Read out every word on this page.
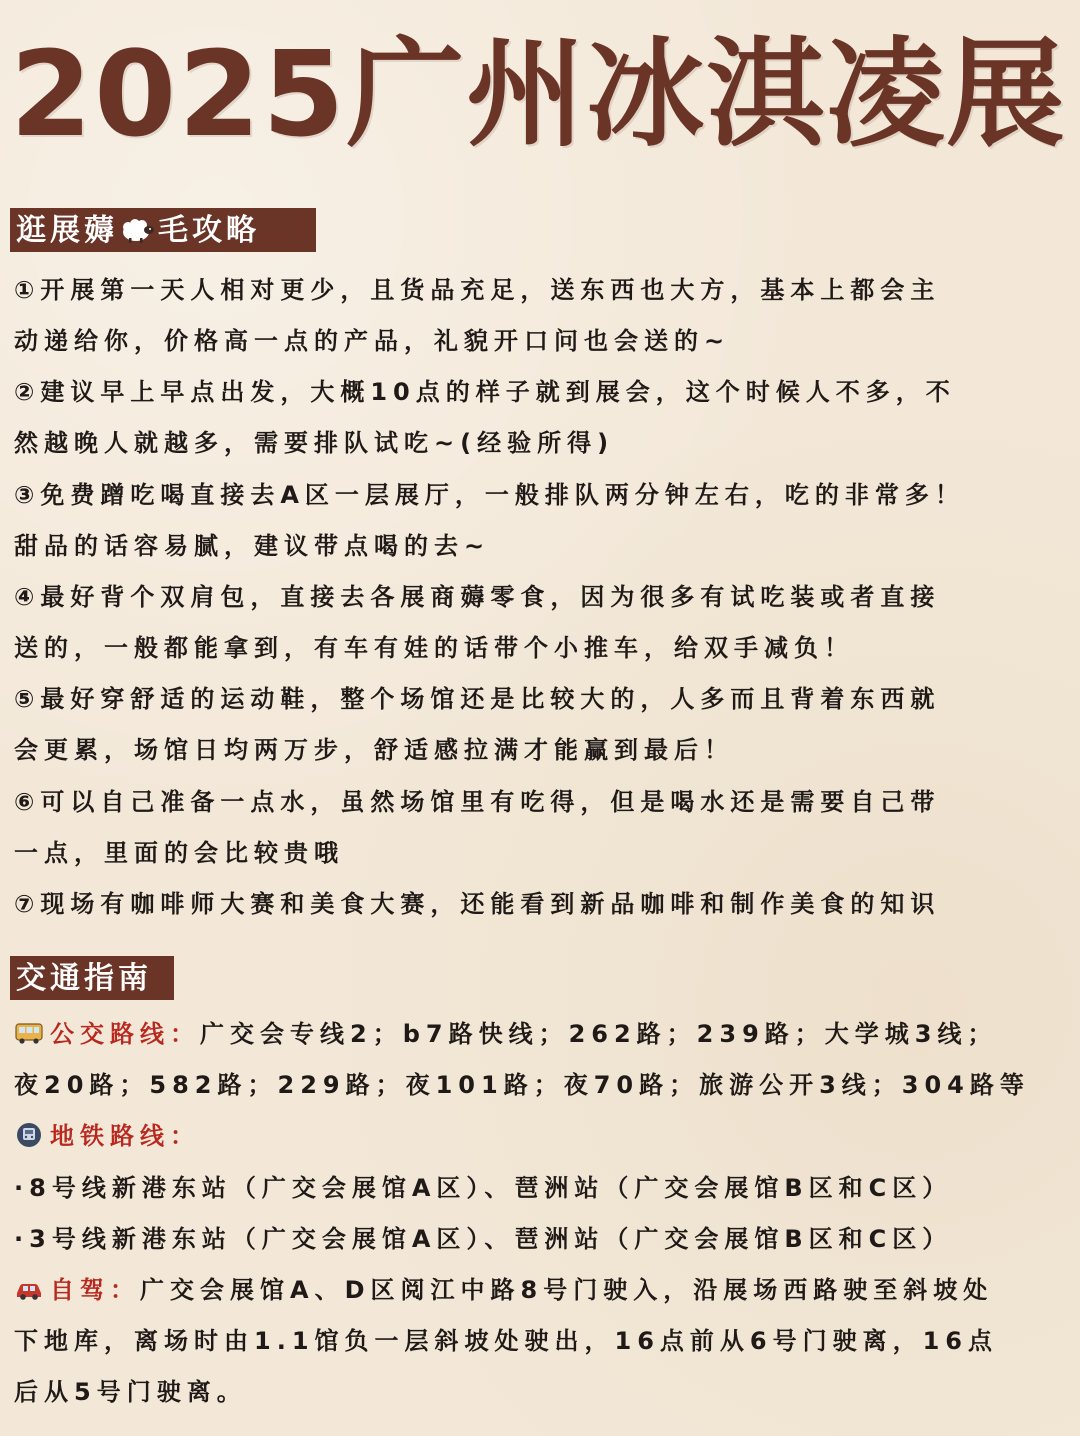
2025广州冰淇凌展
逛展薅 毛攻略
①开展第一天人相对更少，且货品充足，送东西也大方，基本上都会主
动递给你，价格高一点的产品，礼貌开口问也会送的~
②建议早上早点出发，大概10点的样子就到展会，这个时候人不多，不
然越晚人就越多，需要排队试吃~(经验所得)
③免费蹭吃喝直接去A区一层展厅，一般排队两分钟左右，吃的非常多！
甜品的话容易腻，建议带点喝的去~
④最好背个双肩包，直接去各展商薅零食，因为很多有试吃装或者直接
送的，一般都能拿到，有车有娃的话带个小推车，给双手减负！
⑤最好穿舒适的运动鞋，整个场馆还是比较大的，人多而且背着东西就
会更累，场馆日均两万步，舒适感拉满才能赢到最后！
⑥可以自己准备一点水，虽然场馆里有吃得，但是喝水还是需要自己带
一点，里面的会比较贵哦
⑦现场有咖啡师大赛和美食大赛，还能看到新品咖啡和制作美食的知识
交通指南
公交路线：广交会专线2；b7路快线；262路；239路；大学城3线；
夜20路；582路；229路；夜101路；夜70路；旅游公开3线；304路等
地铁路线：
·8号线新港东站（广交会展馆A区）、琶洲站（广交会展馆B区和C区）
·3号线新港东站（广交会展馆A区）、琶洲站（广交会展馆B区和C区）
自驾：广交会展馆A、D区阅江中路8号门驶入，沿展场西路驶至斜坡处
下地库，离场时由1.1馆负一层斜坡处驶出，16点前从6号门驶离，16点
后从5号门驶离。
